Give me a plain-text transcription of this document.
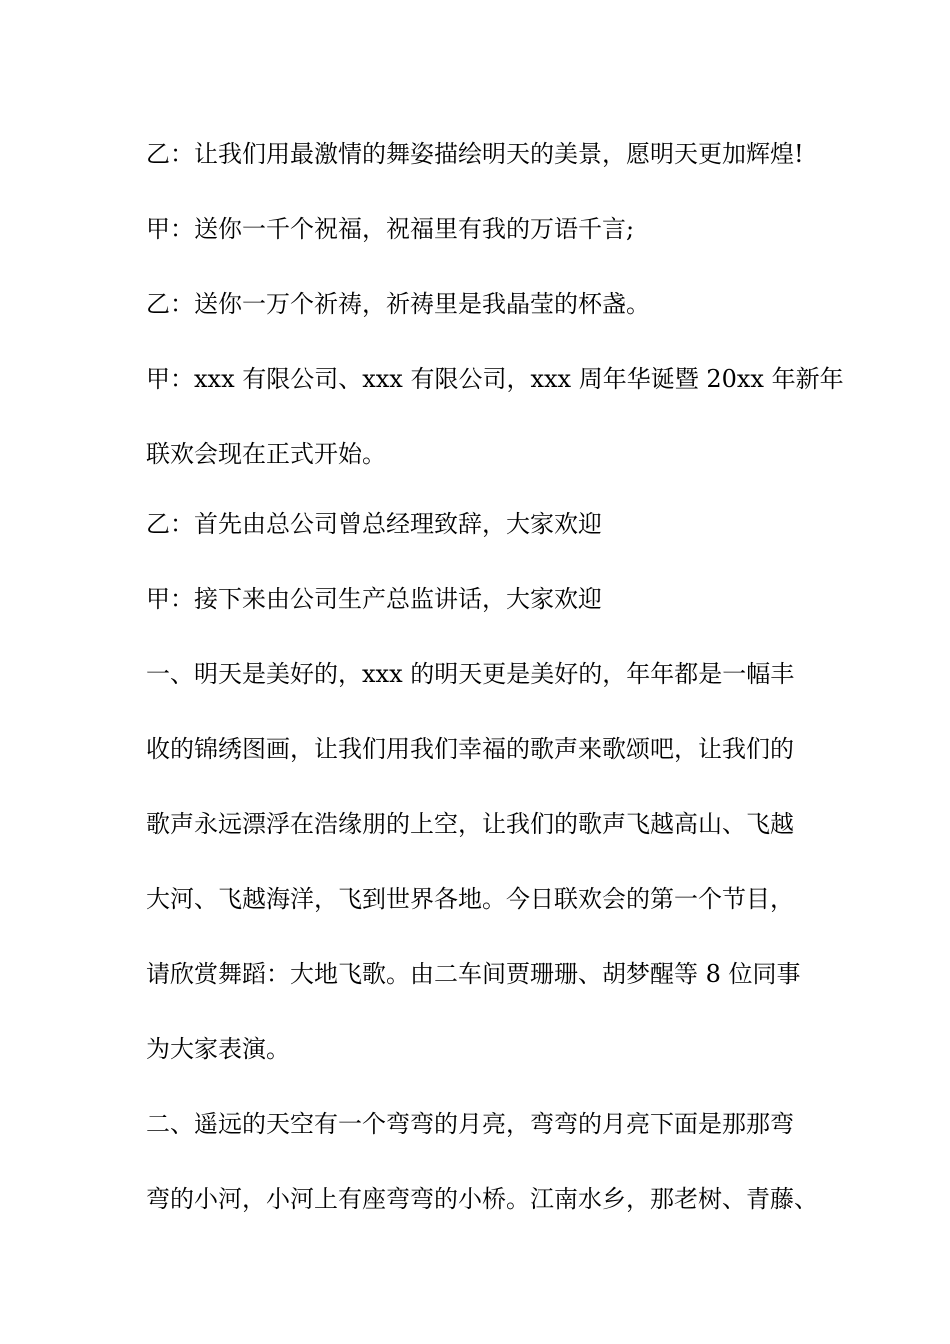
乙：让我们用最激情的舞姿描绘明天的美景，愿明天更加辉煌!

甲：送你一千个祝福，祝福里有我的万语千言;

乙：送你一万个祈祷，祈祷里是我晶莹的杯盏。

甲：xxx 有限公司、xxx 有限公司，xxx 周年华诞暨 20xx 年新年

联欢会现在正式开始。

乙：首先由总公司曾总经理致辞，大家欢迎

甲：接下来由公司生产总监讲话，大家欢迎

一、明天是美好的，xxx 的明天更是美好的，年年都是一幅丰

收的锦绣图画，让我们用我们幸福的歌声来歌颂吧，让我们的

歌声永远漂浮在浩缘朋的上空，让我们的歌声飞越高山、飞越

大河、飞越海洋，飞到世界各地。今日联欢会的第一个节目，

请欣赏舞蹈：大地飞歌。由二车间贾珊珊、胡梦醒等 8 位同事

为大家表演。

二、遥远的天空有一个弯弯的月亮，弯弯的月亮下面是那那弯

弯的小河，小河上有座弯弯的小桥。江南水乡，那老树、青藤、
